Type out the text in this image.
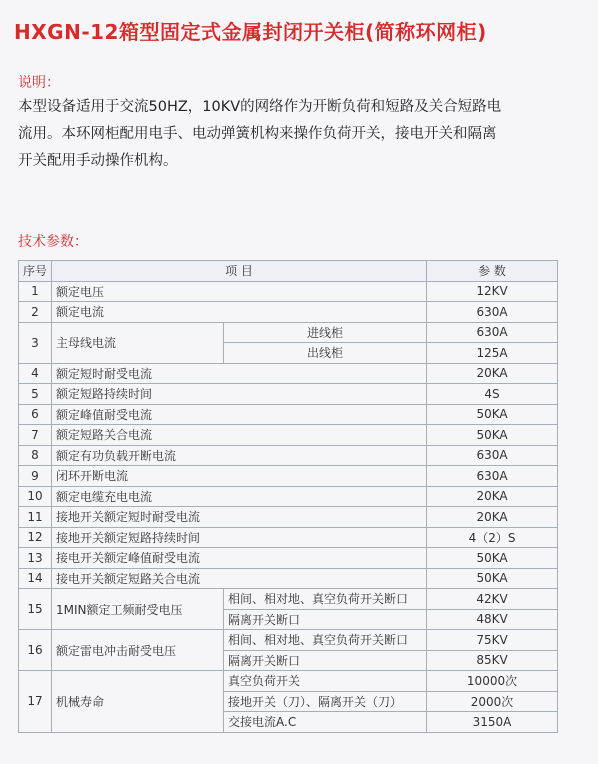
HXGN-12箱型固定式金属封闭开关柜(简称环网柜)
说明：

本型设备适用于交流50HZ，10KV的网络作为开断负荷和短路及关合短路电

流用。本环网柜配用电手、电动弹簧机构来操作负荷开关，接电开关和隔离

开关配用手动操作机构。

技术参数：
序号	项 目		参 数
1	额定电压		12KV
2	额定电流		630A
3	主母线电流	进线柜	630A
		出线柜	125A
4	额定短时耐受电流		20KA
5	额定短路持续时间		4S
6	额定峰值耐受电流		50KA
7	额定短路关合电流		50KA
8	额定有功负载开断电流		630A
9	闭环开断电流		630A
10	额定电缆充电电流		20KA
11	接地开关额定短时耐受电流		20KA
12	接地开关额定短路持续时间		4（2）S
13	接电开关额定峰值耐受电流		50KA
14	接电开关额定短路关合电流		50KA
15	1MIN额定工频耐受电压	相间、相对地、真空负荷开关断口	42KV
		隔离开关断口	48KV
16	额定雷电冲击耐受电压	相间、相对地、真空负荷开关断口	75KV
		隔离开关断口	85KV
17	机械寿命	真空负荷开关	10000次
		接地开关（刀）、隔离开关（刀）	2000次
		交接电流A.C	3150A
